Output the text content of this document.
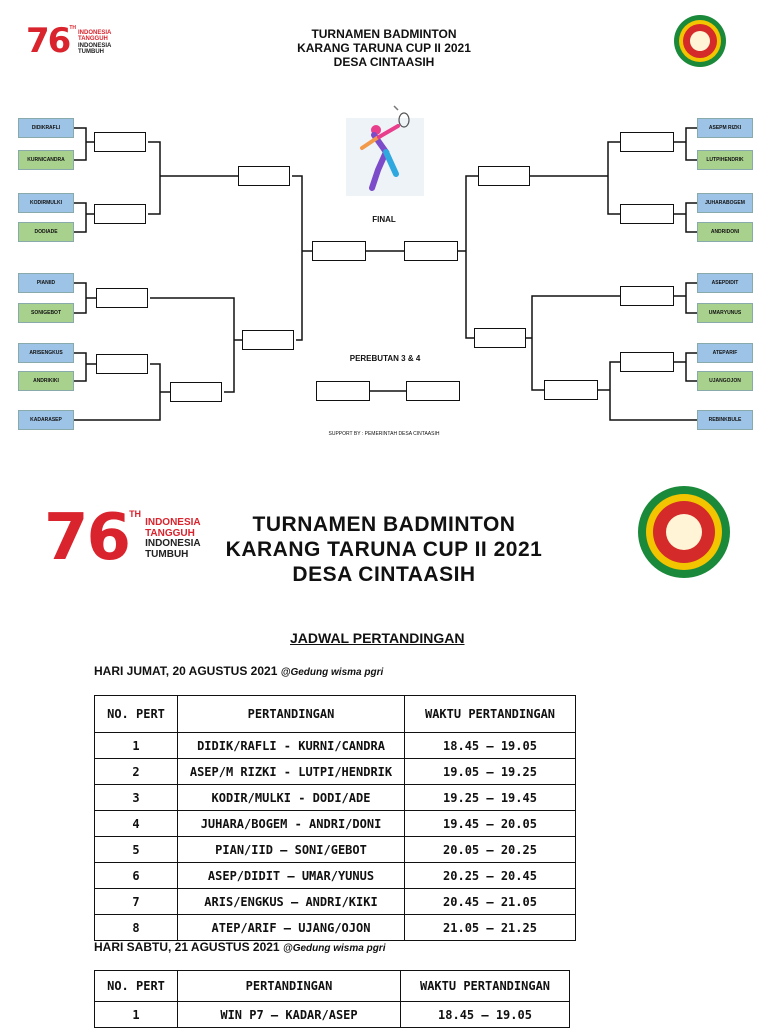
76 TH
INDONESIA
TANGGUH
INDONESIA
TUMBUH
TURNAMEN BADMINTON
KARANG TARUNA CUP II 2021
DESA CINTAASIH
DIDIK RAFLI
KURNI CANDRA
KODIR MULKI
DODI ADE
PIAN IID
SONI GEBOT
ARIS ENGKUS
ANDRI KIKI
KADAR ASEP
ASEP M RIZKI
LUTPI HENDRIK
JUHARA BOGEM
ANDRI DONI
ASEP DIDIT
UMAR YUNUS
ATEP ARIF
UJANG OJON
REBINK BULE
FINAL
PEREBUTAN 3 & 4
SUPPORT BY : PEMERINTAH DESA CINTAASIH
76 TH
INDONESIA
TANGGUH
INDONESIA
TUMBUH
TURNAMEN BADMINTON
KARANG TARUNA CUP II 2021
DESA CINTAASIH
JADWAL PERTANDINGAN
HARI JUMAT, 20 AGUSTUS 2021 @Gedung wisma pgri
NO. PERT	PERTANDINGAN	WAKTU PERTANDINGAN
1	DIDIK/RAFLI - KURNI/CANDRA	18.45 – 19.05
2	ASEP/M RIZKI - LUTPI/HENDRIK	19.05 – 19.25
3	KODIR/MULKI - DODI/ADE	19.25 – 19.45
4	JUHARA/BOGEM - ANDRI/DONI	19.45 – 20.05
5	PIAN/IID – SONI/GEBOT	20.05 – 20.25
6	ASEP/DIDIT – UMAR/YUNUS	20.25 – 20.45
7	ARIS/ENGKUS – ANDRI/KIKI	20.45 – 21.05
8	ATEP/ARIF – UJANG/OJON	21.05 – 21.25
HARI SABTU, 21 AGUSTUS 2021 @Gedung wisma pgri
NO. PERT	PERTANDINGAN	WAKTU PERTANDINGAN
1	WIN P7 – KADAR/ASEP	18.45 – 19.05
